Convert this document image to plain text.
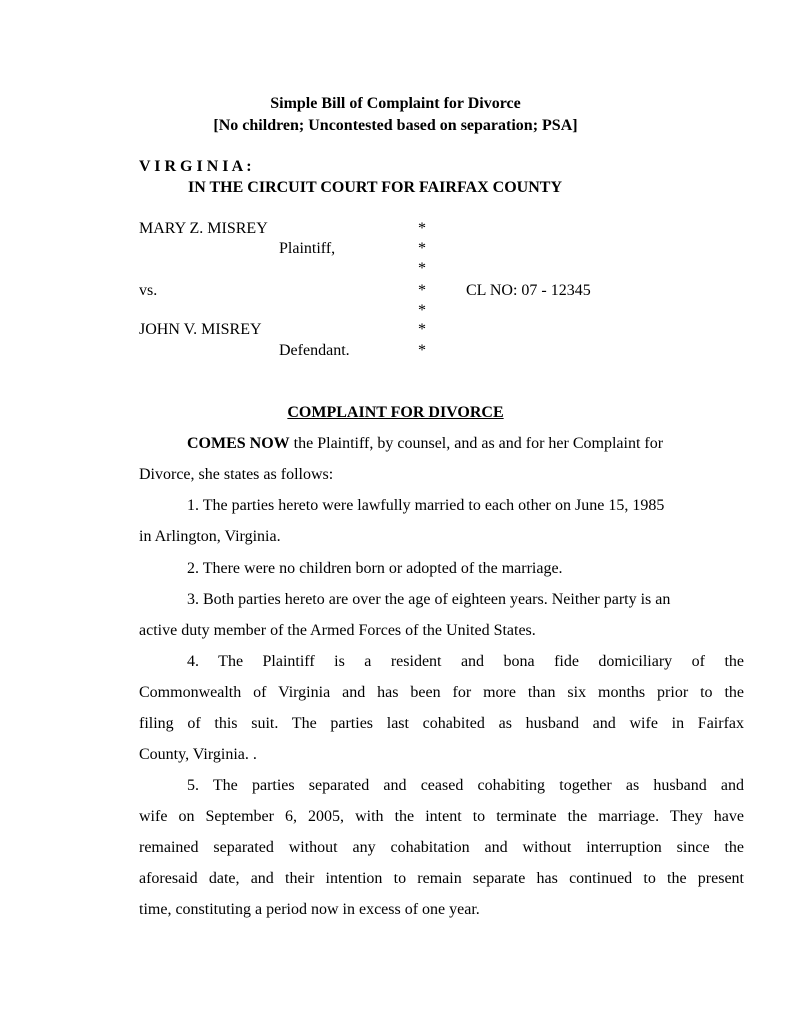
Simple Bill of Complaint for Divorce
[No children; Uncontested based on separation; PSA]
V I R G I N I A :
IN THE CIRCUIT COURT FOR FAIRFAX COUNTY
MARY Z. MISREY
Plaintiff,
vs.	CL NO: 07 - 12345
JOHN V. MISREY
Defendant.
*
*
*
*
*
*
*
COMPLAINT FOR DIVORCE
COMES NOW the Plaintiff, by counsel, and as and for her Complaint for
Divorce, she states as follows:
1. The parties hereto were lawfully married to each other on June 15, 1985
in Arlington, Virginia.
2. There were no children born or adopted of the marriage.
3. Both parties hereto are over the age of eighteen years. Neither party is an
active duty member of the Armed Forces of the United States.
4. The Plaintiff is a resident and bona fide domiciliary of the
Commonwealth of Virginia and has been for more than six months prior to the
filing of this suit. The parties last cohabited as husband and wife in Fairfax
County, Virginia. .
5. The parties separated and ceased cohabiting together as husband and
wife on September 6, 2005, with the intent to terminate the marriage. They have
remained separated without any cohabitation and without interruption since the
aforesaid date, and their intention to remain separate has continued to the present
time, constituting a period now in excess of one year.
